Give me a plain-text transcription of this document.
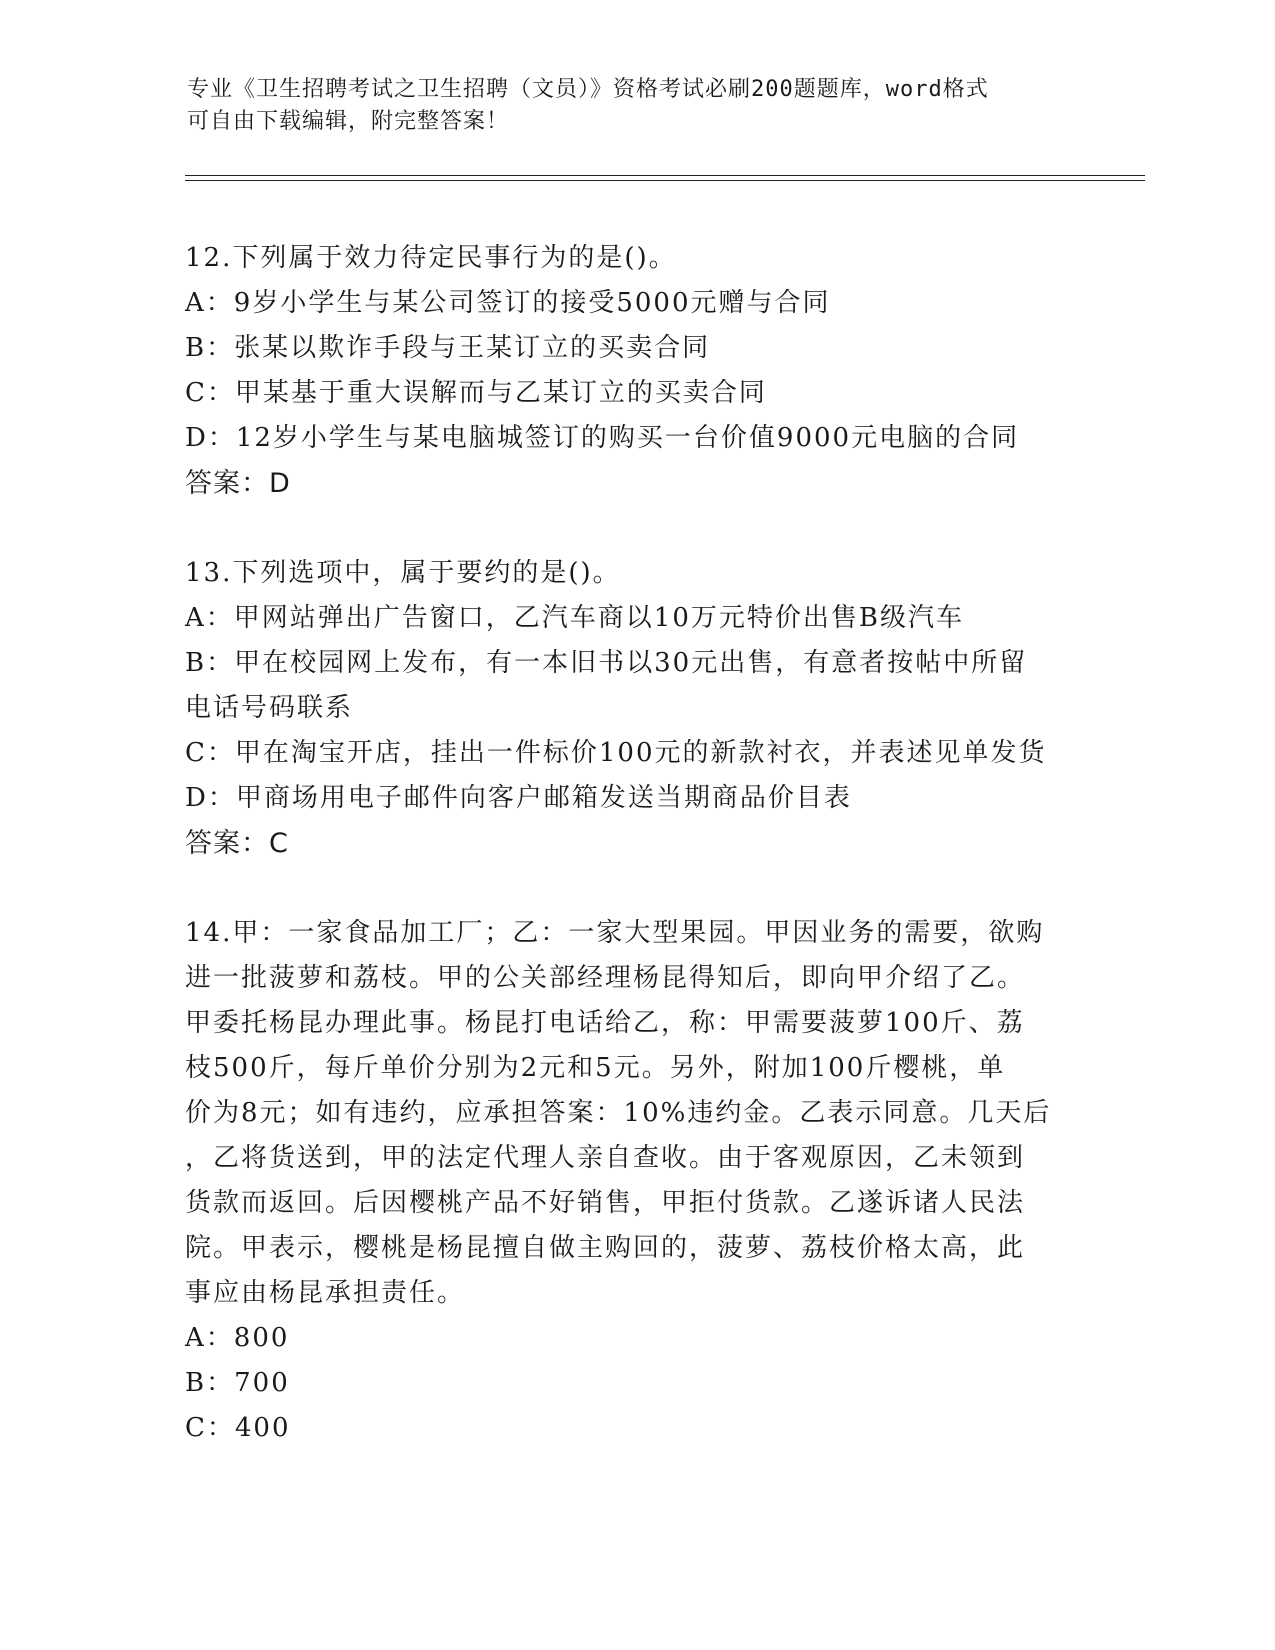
专业《卫生招聘考试之卫生招聘（文员）》资格考试必刷200题题库，word格式

可自由下载编辑，附完整答案！

12.下列属于效力待定民事行为的是()。

A：9岁小学生与某公司签订的接受5000元赠与合同

B：张某以欺诈手段与王某订立的买卖合同

C：甲某基于重大误解而与乙某订立的买卖合同

D：12岁小学生与某电脑城签订的购买一台价值9000元电脑的合同

答案：D

13.下列选项中，属于要约的是()。

A：甲网站弹出广告窗口，乙汽车商以10万元特价出售B级汽车

B：甲在校园网上发布，有一本旧书以30元出售，有意者按帖中所留

电话号码联系

C：甲在淘宝开店，挂出一件标价100元的新款衬衣，并表述见单发货

D：甲商场用电子邮件向客户邮箱发送当期商品价目表

答案：C

14.甲：一家食品加工厂；乙：一家大型果园。甲因业务的需要，欲购

进一批菠萝和荔枝。甲的公关部经理杨昆得知后，即向甲介绍了乙。

甲委托杨昆办理此事。杨昆打电话给乙，称：甲需要菠萝100斤、荔

枝500斤，每斤单价分别为2元和5元。另外，附加100斤樱桃，单

价为8元；如有违约，应承担答案：10%违约金。乙表示同意。几天后

，乙将货送到，甲的法定代理人亲自查收。由于客观原因，乙未领到

货款而返回。后因樱桃产品不好销售，甲拒付货款。乙遂诉诸人民法

院。甲表示，樱桃是杨昆擅自做主购回的，菠萝、荔枝价格太高，此

事应由杨昆承担责任。

A：800

B：700

C：400
